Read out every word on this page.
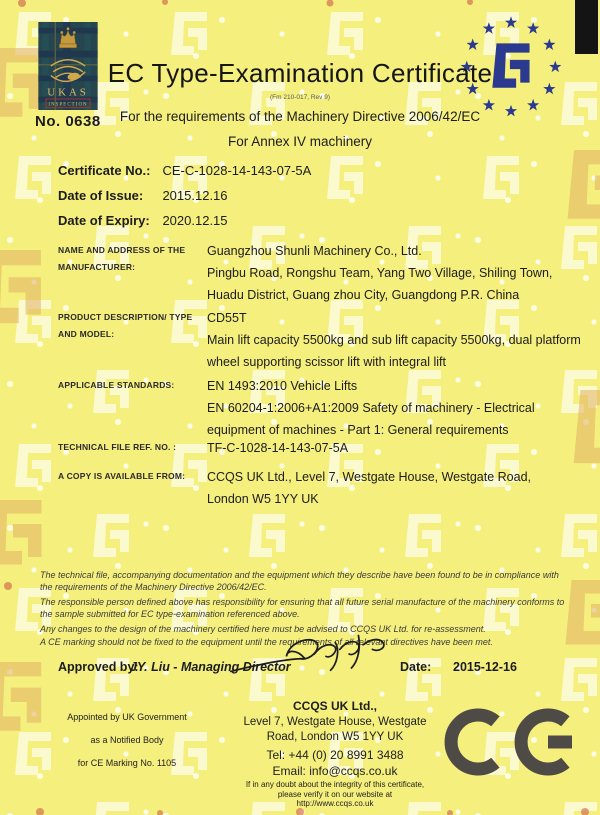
UKAS
INSPECTION
No. 0638
EC Type-Examination Certificate
(Fm 210-017, Rev 9)
For the requirements of the Machinery Directive 2006/42/EC
For Annex IV machinery
Certificate No.: CE-C-1028-14-143-07-5A
Date of Issue: 2015.12.16
Date of Expiry: 2020.12.15
NAME AND ADDRESS OF THE
MANUFACTURER:
Guangzhou Shunli Machinery Co., Ltd.
Pingbu Road, Rongshu Team, Yang Two Village, Shiling Town,
Huadu District, Guang zhou City, Guangdong P.R. China
PRODUCT DESCRIPTION/ TYPE
AND MODEL:
CD55T
Main lift capacity 5500kg and sub lift capacity 5500kg, dual platform
wheel supporting scissor lift with integral lift
APPLICABLE STANDARDS:	EN 1493:2010 Vehicle Lifts
EN 60204-1:2006+A1:2009 Safety of machinery - Electrical
equipment of machines - Part 1: General requirements
TECHNICAL FILE REF. NO. :	TF-C-1028-14-143-07-5A
A COPY IS AVAILABLE FROM:	CCQS UK Ltd., Level 7, Westgate House, Westgate Road,
London W5 1YY UK

The technical file, accompanying documentation and the equipment which they describe have been found to be in compliance with the requirements of the Machinery Directive 2006/42/EC.

The responsible person defined above has responsibility for ensuring that all future serial manufacture of the machinery conforms to the sample submitted for EC type-examination referenced above.

Any changes to the design of the machinery certified here must be advised to CCQS UK Ltd. for re-assessment.

A CE marking should not be fixed to the equipment until the requirements of all relevant directives have been met.

Approved by:
JY. Liu - Managing Director	Date: 2015-12-16
Appointed by UK Government
as a Notified Body
for CE Marking No. 1105
CCQS UK Ltd.,
Level 7, Westgate House, Westgate
Road, London W5 1YY UK
Tel: +44 (0) 20 8991 3488
Email: info@ccqs.co.uk
If in any doubt about the integrity of this certificate,
please verify it on our website at
http://www.ccqs.co.uk
